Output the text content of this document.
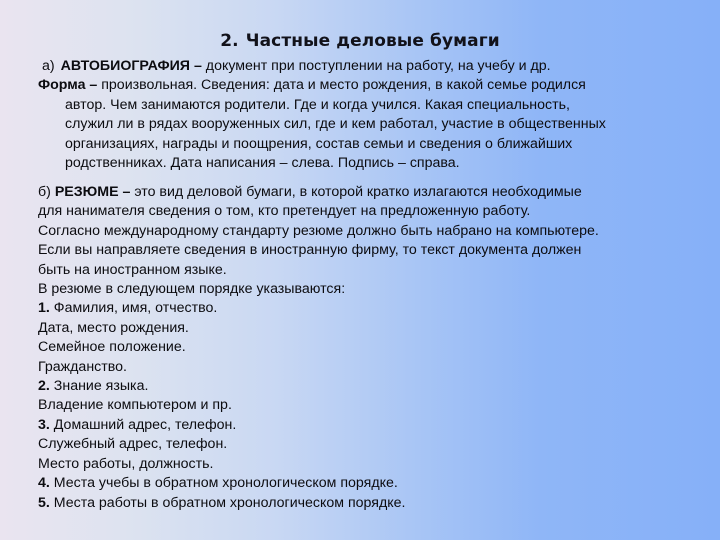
2. Частные деловые бумаги
а) АВТОБИОГРАФИЯ – документ при поступлении на работу, на учебу и др.
Форма – произвольная. Сведения: дата и место рождения, в какой семье родился
автор. Чем занимаются родители. Где и когда учился. Какая специальность,
служил ли в рядах вооруженных сил, где и кем работал, участие в общественных
организациях, награды и поощрения, состав семьи и сведения о ближайших
родственниках. Дата написания – слева. Подпись – справа.
б) РЕЗЮМЕ – это вид деловой бумаги, в которой кратко излагаются необходимые
для нанимателя сведения о том, кто претендует на предложенную работу.
Согласно международному стандарту резюме должно быть набрано на компьютере.
Если вы направляете сведения в иностранную фирму, то текст документа должен
быть на иностранном языке.
В резюме в следующем порядке указываются:
1. Фамилия, имя, отчество.
Дата, место рождения.
Семейное положение.
Гражданство.
2. Знание языка.
Владение компьютером и пр.
3. Домашний адрес, телефон.
Служебный адрес, телефон.
Место работы, должность.
4. Места учебы в обратном хронологическом порядке.
5. Места работы в обратном хронологическом порядке.
